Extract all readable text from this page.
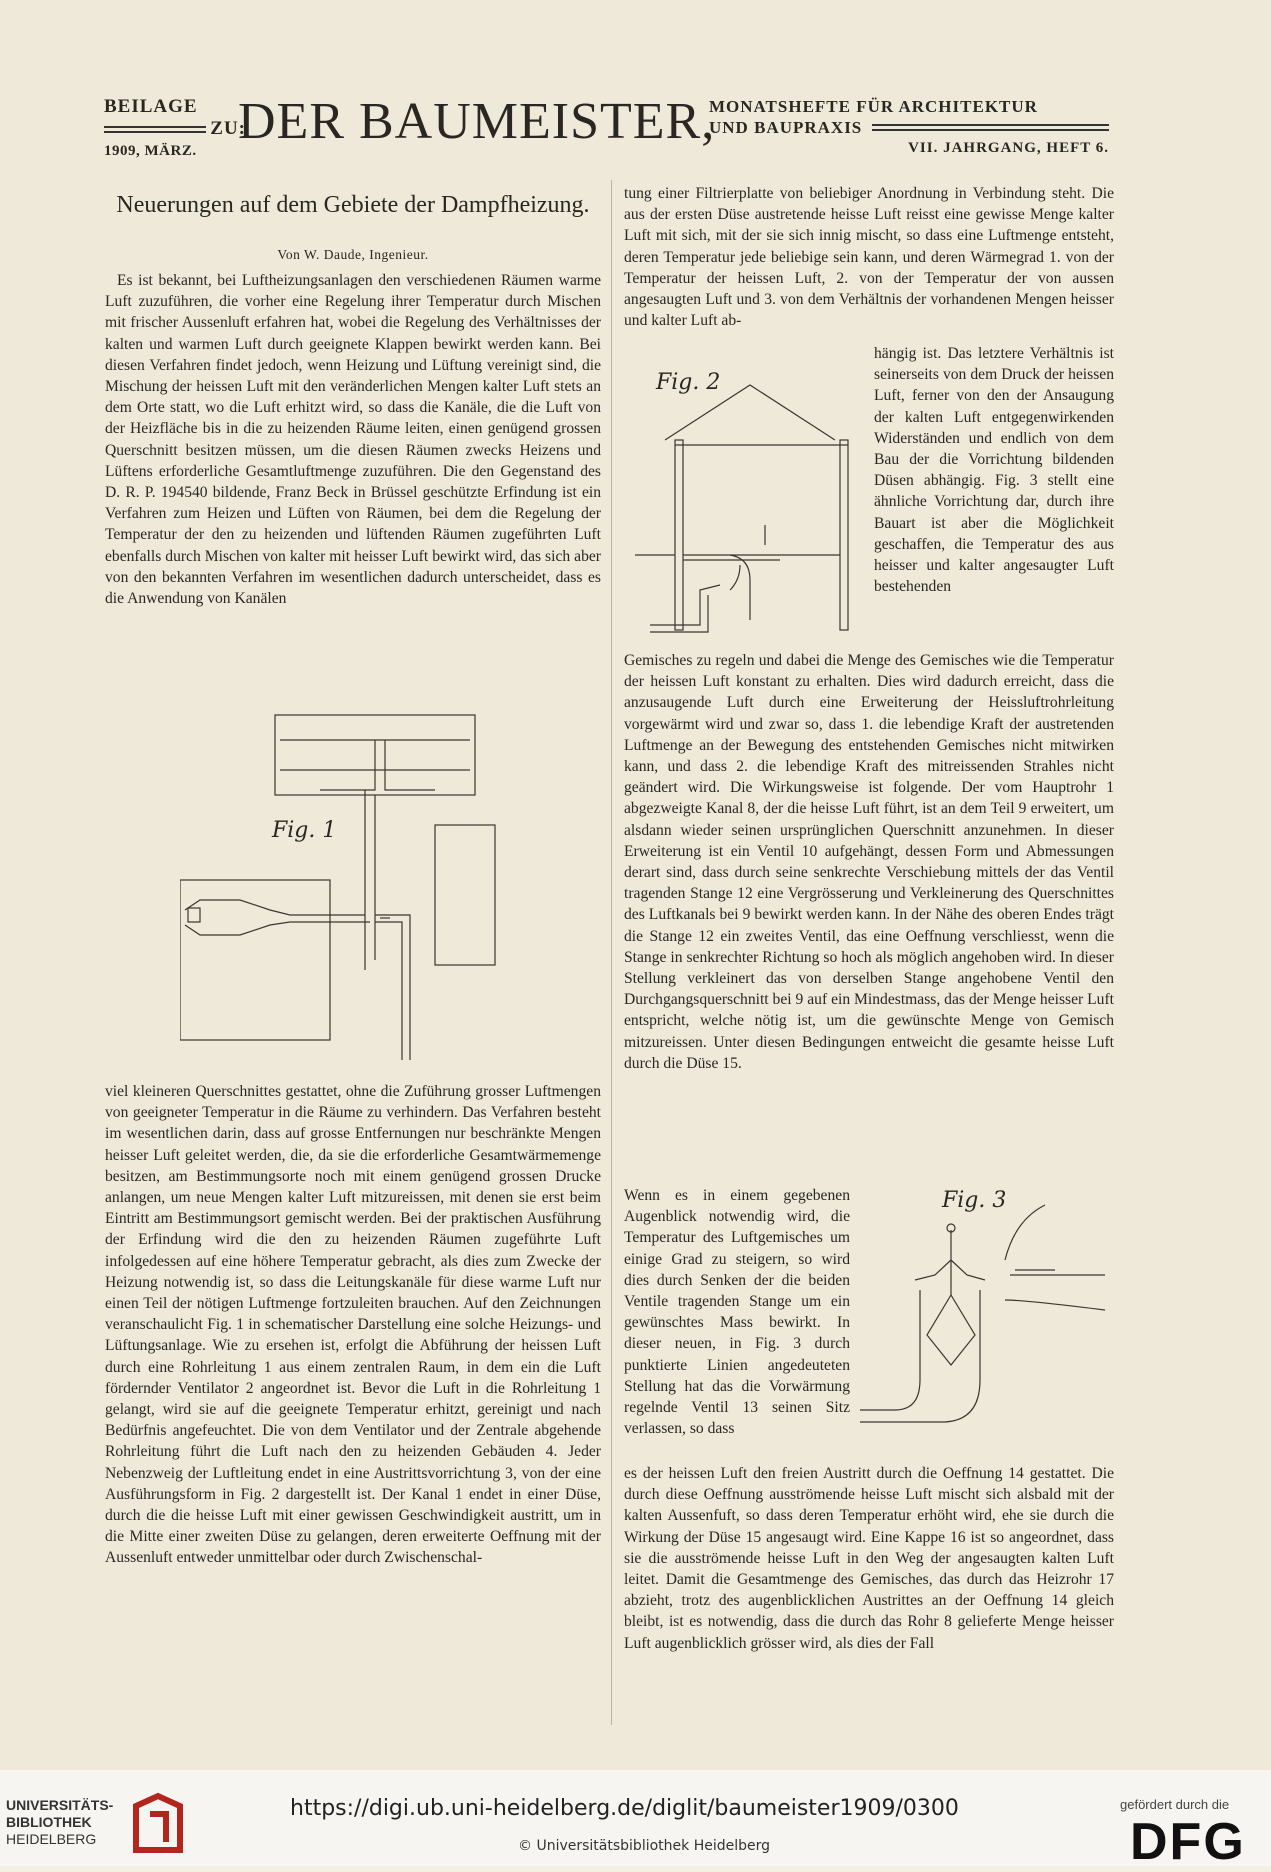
BEILAGE
ZU:
1909, MÄRZ.
DER BAUMEISTER,
MONATSHEFTE FÜR ARCHITEKTUR
UND BAUPRAXIS
VII. JAHRGANG, HEFT 6.
Neuerungen auf dem Gebiete der Dampfheizung.
Von W. Daude, Ingenieur.

Es ist bekannt, bei Luftheizungsanlagen den verschiedenen Räumen warme Luft zuzuführen, die vorher eine Regelung ihrer Temperatur durch Mischen mit frischer Aussenluft erfahren hat, wobei die Regelung des Verhältnisses der kalten und warmen Luft durch geeignete Klappen bewirkt werden kann. Bei diesen Verfahren findet jedoch, wenn Heizung und Lüftung vereinigt sind, die Mischung der heissen Luft mit den veränderlichen Mengen kalter Luft stets an dem Orte statt, wo die Luft erhitzt wird, so dass die Kanäle, die die Luft von der Heizfläche bis in die zu heizenden Räume leiten, einen genügend grossen Querschnitt besitzen müssen, um die diesen Räumen zwecks Heizens und Lüftens erforderliche Gesamtluftmenge zuzuführen. Die den Gegenstand des D. R. P. 194540 bildende, Franz Beck in Brüssel geschützte Erfindung ist ein Verfahren zum Heizen und Lüften von Räumen, bei dem die Regelung der Temperatur der den zu heizenden und lüftenden Räumen zugeführten Luft ebenfalls durch Mischen von kalter mit heisser Luft bewirkt wird, das sich aber von den bekannten Verfahren im wesentlichen dadurch unterscheidet, dass es die Anwendung von Kanälen

viel kleineren Querschnittes gestattet, ohne die Zuführung grosser Luftmengen von geeigneter Temperatur in die Räume zu verhindern. Das Verfahren besteht im wesentlichen darin, dass auf grosse Entfernungen nur beschränkte Mengen heisser Luft geleitet werden, die, da sie die erforderliche Gesamtwärmemenge besitzen, am Bestimmungsorte noch mit einem genügend grossen Drucke anlangen, um neue Mengen kalter Luft mitzureissen, mit denen sie erst beim Eintritt am Bestimmungsort gemischt werden. Bei der praktischen Ausführung der Erfindung wird die den zu heizenden Räumen zugeführte Luft infolgedessen auf eine höhere Temperatur gebracht, als dies zum Zwecke der Heizung notwendig ist, so dass die Leitungskanäle für diese warme Luft nur einen Teil der nötigen Luftmenge fortzuleiten brauchen. Auf den Zeichnungen veranschaulicht Fig. 1 in schematischer Darstellung eine solche Heizungs- und Lüftungsanlage. Wie zu ersehen ist, erfolgt die Abführung der heissen Luft durch eine Rohrleitung 1 aus einem zentralen Raum, in dem ein die Luft fördernder Ventilator 2 angeordnet ist. Bevor die Luft in die Rohrleitung 1 gelangt, wird sie auf die geeignete Temperatur erhitzt, gereinigt und nach Bedürfnis angefeuchtet. Die von dem Ventilator und der Zentrale abgehende Rohrleitung führt die Luft nach den zu heizenden Gebäuden 4. Jeder Nebenzweig der Luftleitung endet in eine Austrittsvorrichtung 3, von der eine Ausführungsform in Fig. 2 dargestellt ist. Der Kanal 1 endet in einer Düse, durch die die heisse Luft mit einer gewissen Geschwindigkeit austritt, um in die Mitte einer zweiten Düse zu gelangen, deren erweiterte Oeffnung mit der Aussenluft entweder unmittelbar oder durch Zwischenschal-

tung einer Filtrierplatte von beliebiger Anordnung in Verbindung steht. Die aus der ersten Düse austretende heisse Luft reisst eine gewisse Menge kalter Luft mit sich, mit der sie sich innig mischt, so dass eine Luftmenge entsteht, deren Temperatur jede beliebige sein kann, und deren Wärmegrad 1. von der Temperatur der heissen Luft, 2. von der Temperatur der von aussen angesaugten Luft und 3. von dem Verhältnis der vorhandenen Mengen heisser und kalter Luft ab-

hängig ist. Das letztere Verhältnis ist seinerseits von dem Druck der heissen Luft, ferner von den der Ansaugung der kalten Luft entgegenwirkenden Widerständen und endlich von dem Bau der die Vorrichtung bildenden Düsen abhängig. Fig. 3 stellt eine ähnliche Vorrichtung dar, durch ihre Bauart ist aber die Möglichkeit geschaffen, die Temperatur des aus heisser und kalter angesaugter Luft bestehenden

Gemisches zu regeln und dabei die Menge des Gemisches wie die Temperatur der heissen Luft konstant zu erhalten. Dies wird dadurch erreicht, dass die anzusaugende Luft durch eine Erweiterung der Heissluftrohrleitung vorgewärmt wird und zwar so, dass 1. die lebendige Kraft der austretenden Luftmenge an der Bewegung des entstehenden Gemisches nicht mitwirken kann, und dass 2. die lebendige Kraft des mitreissenden Strahles nicht geändert wird. Die Wirkungsweise ist folgende. Der vom Hauptrohr 1 abgezweigte Kanal 8, der die heisse Luft führt, ist an dem Teil 9 erweitert, um alsdann wieder seinen ursprünglichen Querschnitt anzunehmen. In dieser Erweiterung ist ein Ventil 10 aufgehängt, dessen Form und Abmessungen derart sind, dass durch seine senkrechte Verschiebung mittels der das Ventil tragenden Stange 12 eine Vergrösserung und Verkleinerung des Querschnittes des Luftkanals bei 9 bewirkt werden kann. In der Nähe des oberen Endes trägt die Stange 12 ein zweites Ventil, das eine Oeffnung verschliesst, wenn die Stange in senkrechter Richtung so hoch als möglich angehoben wird. In dieser Stellung verkleinert das von derselben Stange angehobene Ventil den Durchgangsquerschnitt bei 9 auf ein Mindestmass, das der Menge heisser Luft entspricht, welche nötig ist, um die gewünschte Menge von Gemisch mitzureissen. Unter diesen Bedingungen entweicht die gesamte heisse Luft durch die Düse 15.

Wenn es in einem gegebenen Augenblick notwendig wird, die Temperatur des Luftgemisches um einige Grad zu steigern, so wird dies durch Senken der die beiden Ventile tragenden Stange um ein gewünschtes Mass bewirkt. In dieser neuen, in Fig. 3 durch punktierte Linien angedeuteten Stellung hat das die Vorwärmung regelnde Ventil 13 seinen Sitz verlassen, so dass

es der heissen Luft den freien Austritt durch die Oeffnung 14 gestattet. Die durch diese Oeffnung ausströmende heisse Luft mischt sich alsbald mit der kalten Aussenfuft, so dass deren Temperatur erhöht wird, ehe sie durch die Wirkung der Düse 15 angesaugt wird. Eine Kappe 16 ist so angeordnet, dass sie die ausströmende heisse Luft in den Weg der angesaugten kalten Luft leitet. Damit die Gesamtmenge des Gemisches, das durch das Heizrohr 17 abzieht, trotz des augenblicklichen Austrittes an der Oeffnung 14 gleich bleibt, ist es notwendig, dass die durch das Rohr 8 gelieferte Menge heisser Luft augenblicklich grösser wird, als dies der Fall

Fig. 1
Fig. 2
Fig. 3
UNIVERSITÄTS-
BIBLIOTHEK
HEIDELBERG
https://digi.ub.uni-heidelberg.de/diglit/baumeister1909/0300
© Universitätsbibliothek Heidelberg
gefördert durch die
DFG
